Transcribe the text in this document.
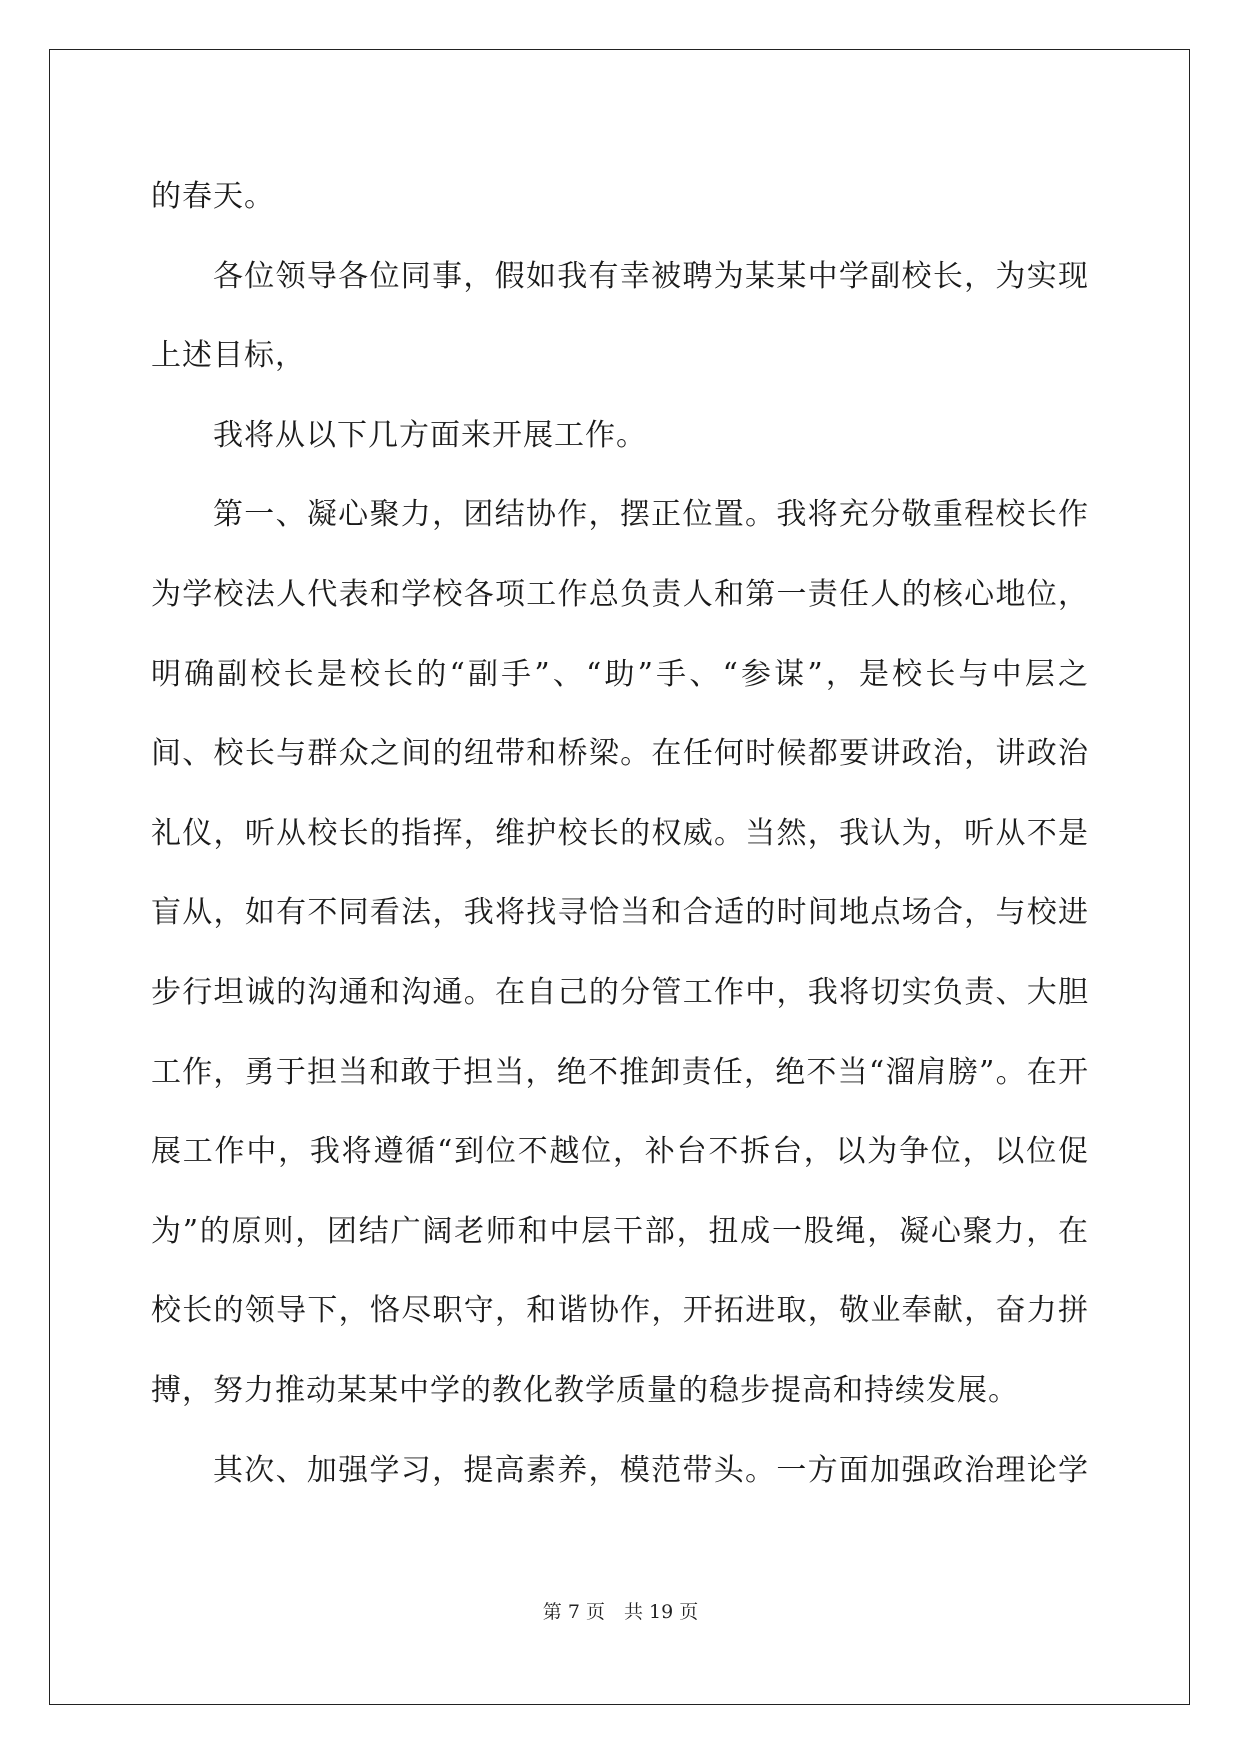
的春天。
各位领导各位同事，假如我有幸被聘为某某中学副校长，为实现
上述目标，
我将从以下几方面来开展工作。
第一、凝心聚力，团结协作，摆正位置。我将充分敬重程校长作
为学校法人代表和学校各项工作总负责人和第一责任人的核心地位，
明确副校长是校长的“副手”、“助”手、“参谋”，是校长与中层之
间、校长与群众之间的纽带和桥梁。在任何时候都要讲政治，讲政治
礼仪，听从校长的指挥，维护校长的权威。当然，我认为，听从不是
盲从，如有不同看法，我将找寻恰当和合适的时间地点场合，与校进
步行坦诚的沟通和沟通。在自己的分管工作中，我将切实负责、大胆
工作，勇于担当和敢于担当，绝不推卸责任，绝不当“溜肩膀”。在开
展工作中，我将遵循“到位不越位，补台不拆台，以为争位，以位促
为”的原则，团结广阔老师和中层干部，扭成一股绳，凝心聚力，在
校长的领导下，恪尽职守，和谐协作，开拓进取，敬业奉献，奋力拼
搏，努力推动某某中学的教化教学质量的稳步提高和持续发展。
其次、加强学习，提高素养，模范带头。一方面加强政治理论学
第 7 页　共 19 页
